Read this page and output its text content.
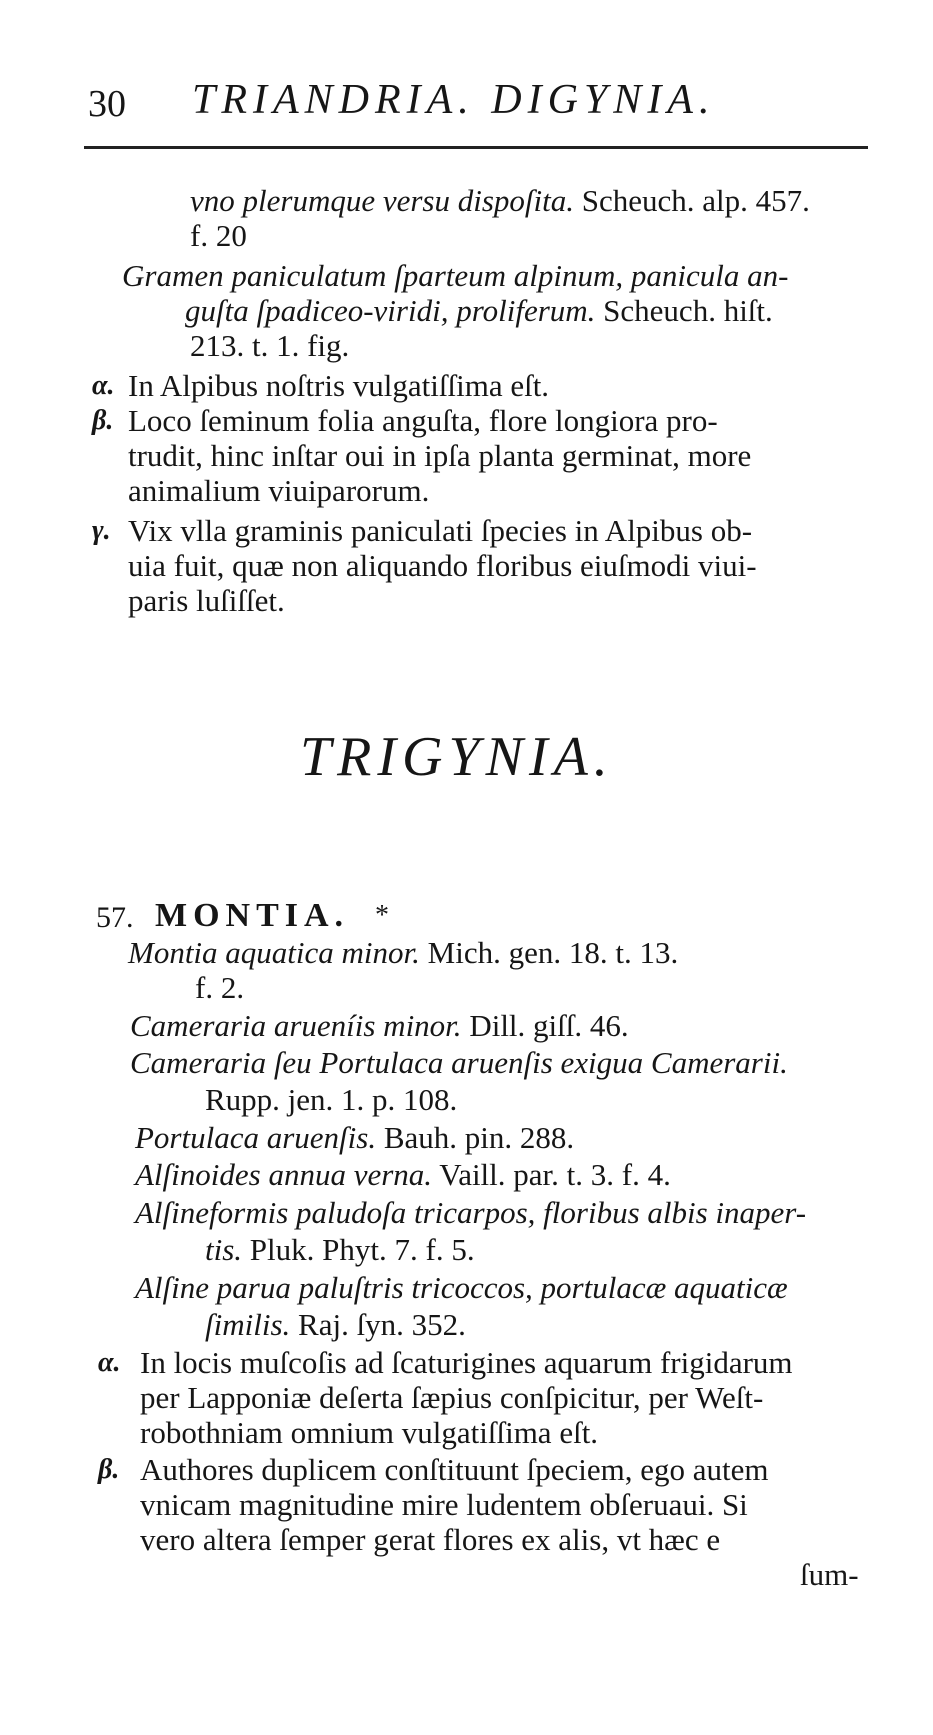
30 TRIANDRIA. DIGYNIA.
vno plerumque versu dispoſita. Scheuch. alp. 457.
f. 20
Gramen paniculatum ſparteum alpinum, panicula an-
guſta ſpadiceo-viridi, proliferum. Scheuch. hiſt.
213. t. 1. fig.
α. In Alpibus noſtris vulgatiſſima eſt.
β. Loco ſeminum folia anguſta, flore longiora pro-
trudit, hinc inſtar oui in ipſa planta germinat, more
animalium viuiparorum.
γ. Vix vlla graminis paniculati ſpecies in Alpibus ob-
uia fuit, quæ non aliquando floribus eiuſmodi viui-
paris luſiſſet.
TRIGYNIA.
57. MONTIA. *
Montia aquatica minor. Mich. gen. 18. t. 13.
f. 2.
Cameraria arueníis minor. Dill. giſſ. 46.
Cameraria ſeu Portulaca aruenſis exigua Camerarii.
Rupp. jen. 1. p. 108.
Portulaca aruenſis. Bauh. pin. 288.
Alſinoides annua verna. Vaill. par. t. 3. f. 4.
Alſineformis paludoſa tricarpos, floribus albis inaper-
tis. Pluk. Phyt. 7. f. 5.
Alſine parua paluſtris tricoccos, portulacæ aquaticæ
ſimilis. Raj. ſyn. 352.
α. In locis muſcoſis ad ſcaturigines aquarum frigidarum
per Lapponiæ deſerta ſæpius conſpicitur, per Weſt-
robothniam omnium vulgatiſſima eſt.
β. Authores duplicem conſtituunt ſpeciem, ego autem
vnicam magnitudine mire ludentem obſeruaui. Si
vero altera ſemper gerat flores ex alis, vt hæc e
ſum-
